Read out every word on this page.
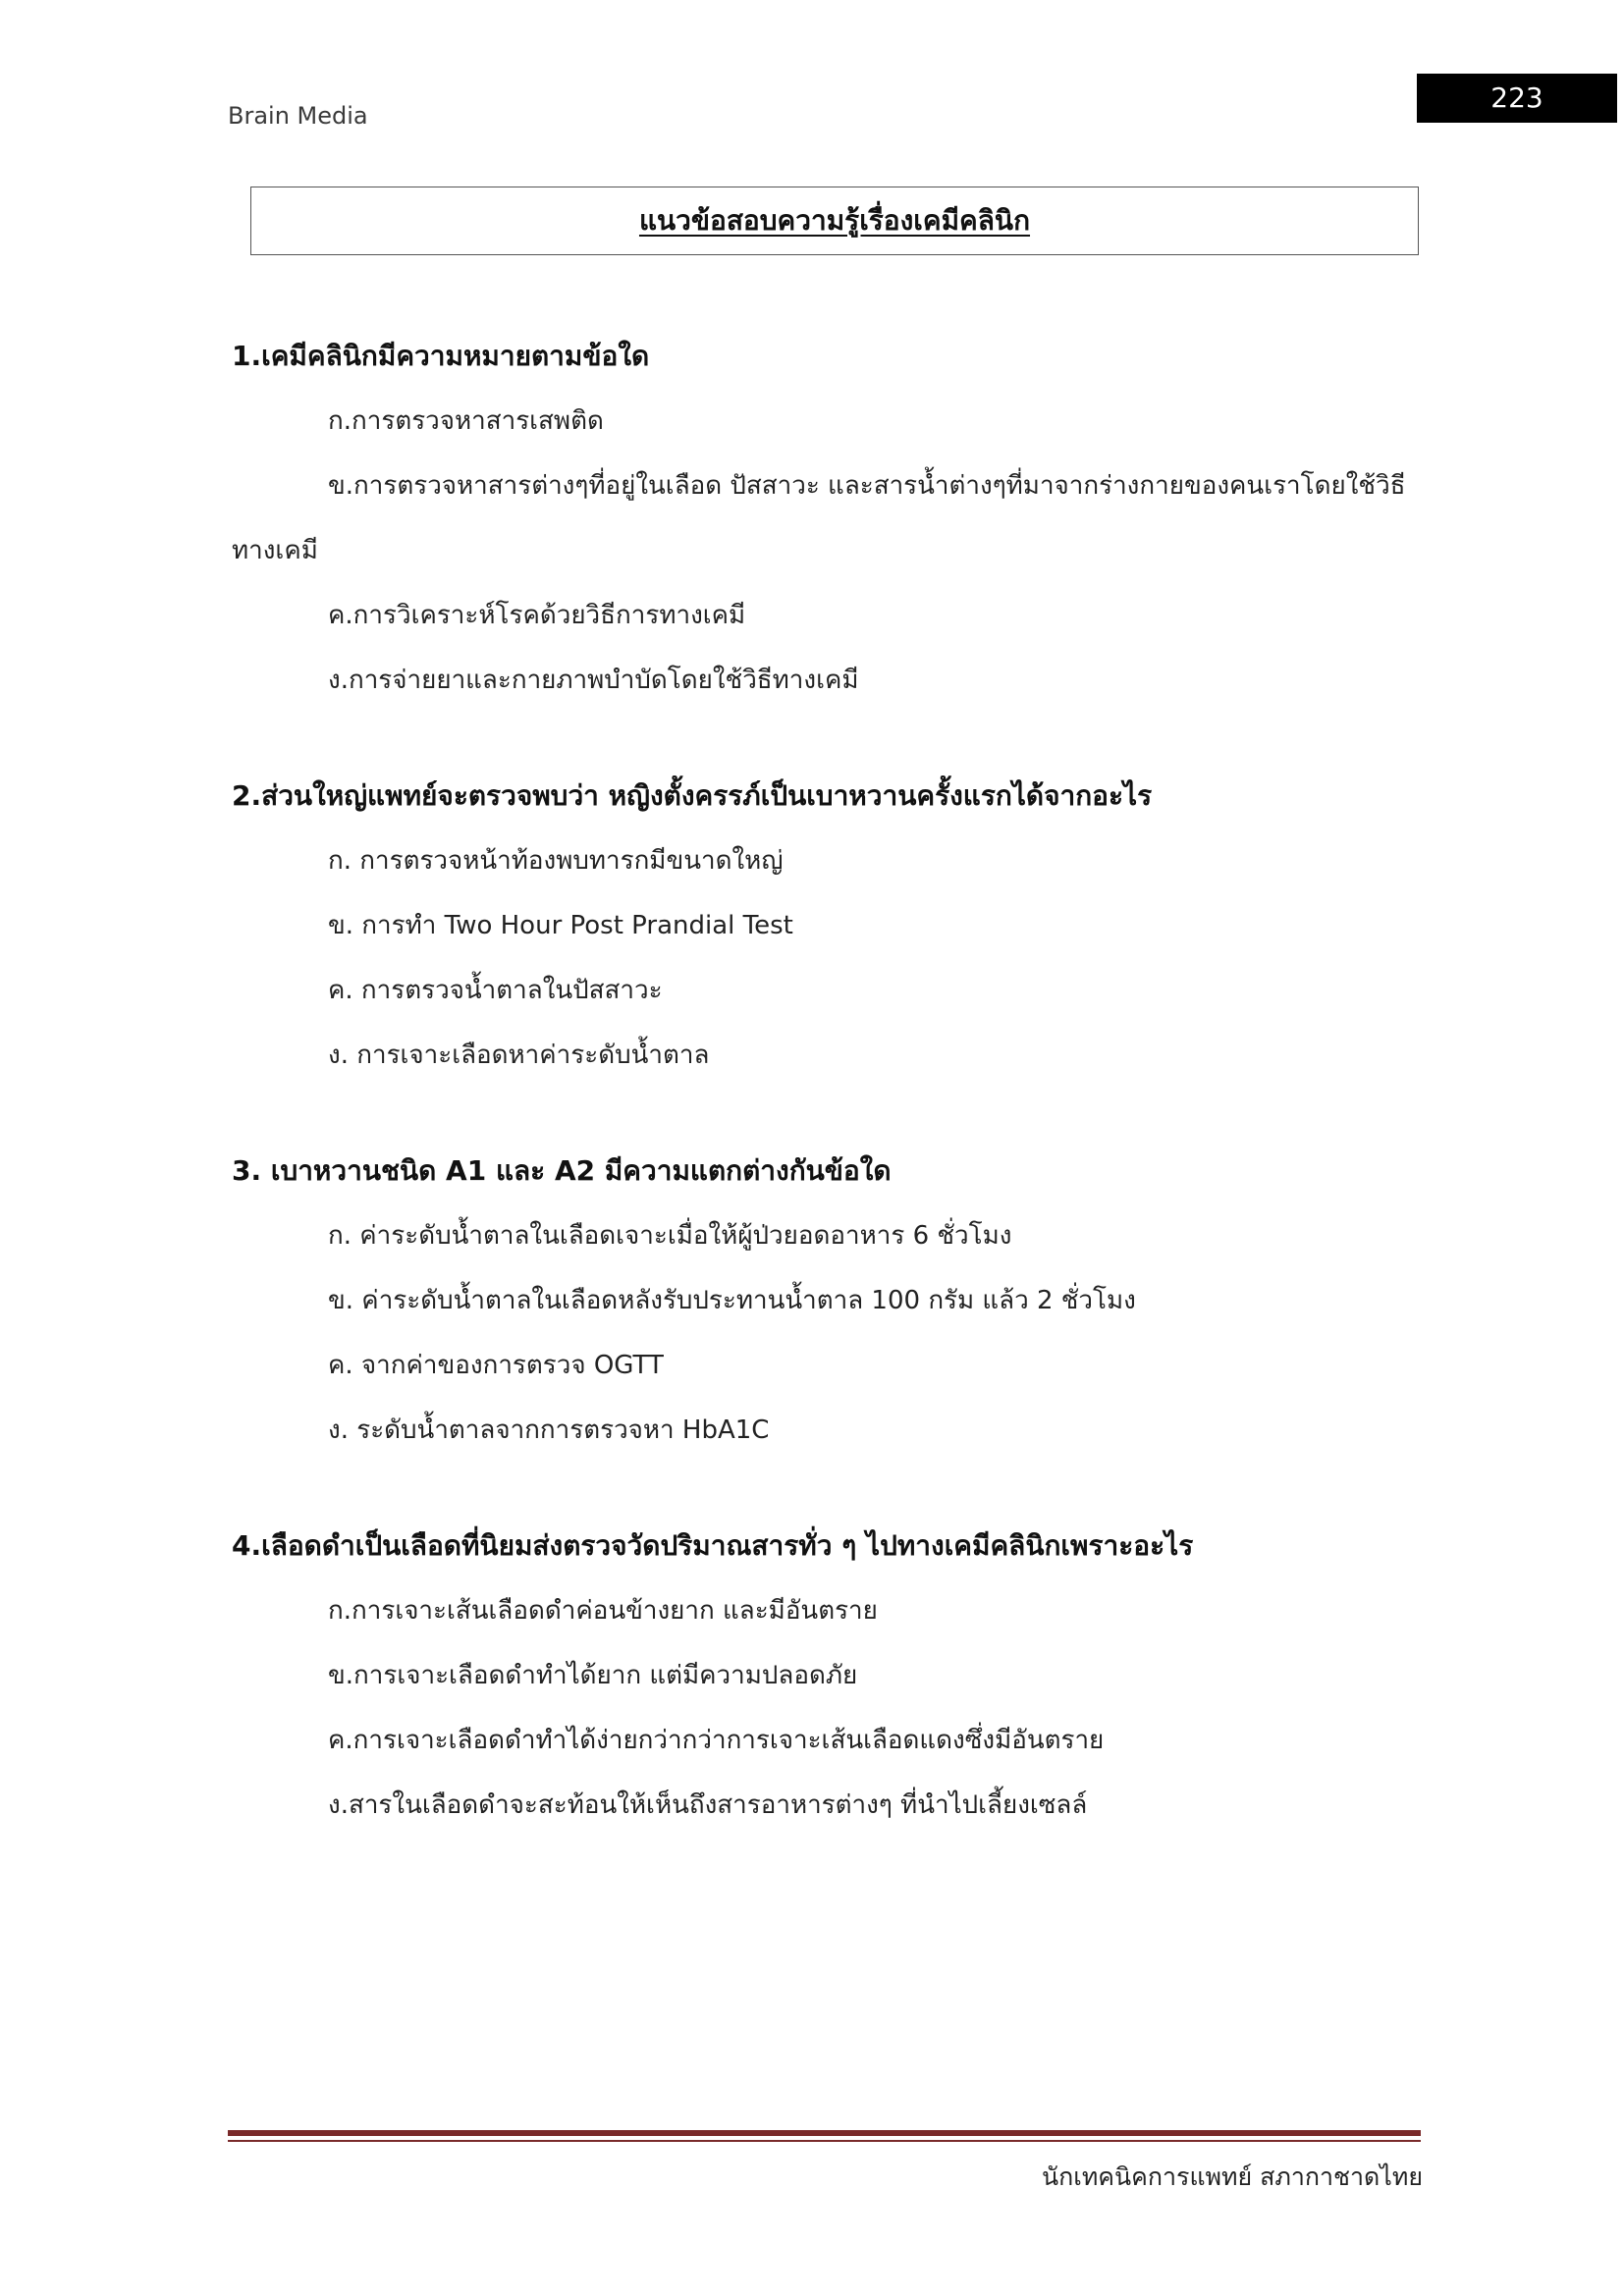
Brain Media
223
แนวข้อสอบความรู้เรื่องเคมีคลินิก
1.เคมีคลินิกมีความหมายตามข้อใด
ก.การตรวจหาสารเสพติด
ข.การตรวจหาสารต่างๆที่อยู่ในเลือด ปัสสาวะ และสารน้ำต่างๆที่มาจากร่างกายของคนเราโดยใช้วิธีทางเคมี
ค.การวิเคราะห์โรคด้วยวิธีการทางเคมี
ง.การจ่ายยาและกายภาพบำบัดโดยใช้วิธีทางเคมี
2.ส่วนใหญ่แพทย์จะตรวจพบว่า หญิงตั้งครรภ์เป็นเบาหวานครั้งแรกได้จากอะไร
ก. การตรวจหน้าท้องพบทารกมีขนาดใหญ่
ข. การทำ Two Hour Post Prandial Test
ค. การตรวจน้ำตาลในปัสสาวะ
ง. การเจาะเลือดหาค่าระดับน้ำตาล
3. เบาหวานชนิด A1 และ A2 มีความแตกต่างกันข้อใด
ก. ค่าระดับน้ำตาลในเลือดเจาะเมื่อให้ผู้ป่วยอดอาหาร 6 ชั่วโมง
ข. ค่าระดับน้ำตาลในเลือดหลังรับประทานน้ำตาล 100 กรัม แล้ว 2 ชั่วโมง
ค. จากค่าของการตรวจ OGTT
ง. ระดับน้ำตาลจากการตรวจหา HbA1C
4.เลือดดำเป็นเลือดที่นิยมส่งตรวจวัดปริมาณสารทั่ว ๆ ไปทางเคมีคลินิกเพราะอะไร
ก.การเจาะเส้นเลือดดำค่อนข้างยาก และมีอันตราย
ข.การเจาะเลือดดำทำได้ยาก แต่มีความปลอดภัย
ค.การเจาะเลือดดำทำได้ง่ายกว่ากว่าการเจาะเส้นเลือดแดงซึ่งมีอันตราย
ง.สารในเลือดดำจะสะท้อนให้เห็นถึงสารอาหารต่างๆ ที่นำไปเลี้ยงเซลล์
นักเทคนิคการแพทย์ สภากาชาดไทย
